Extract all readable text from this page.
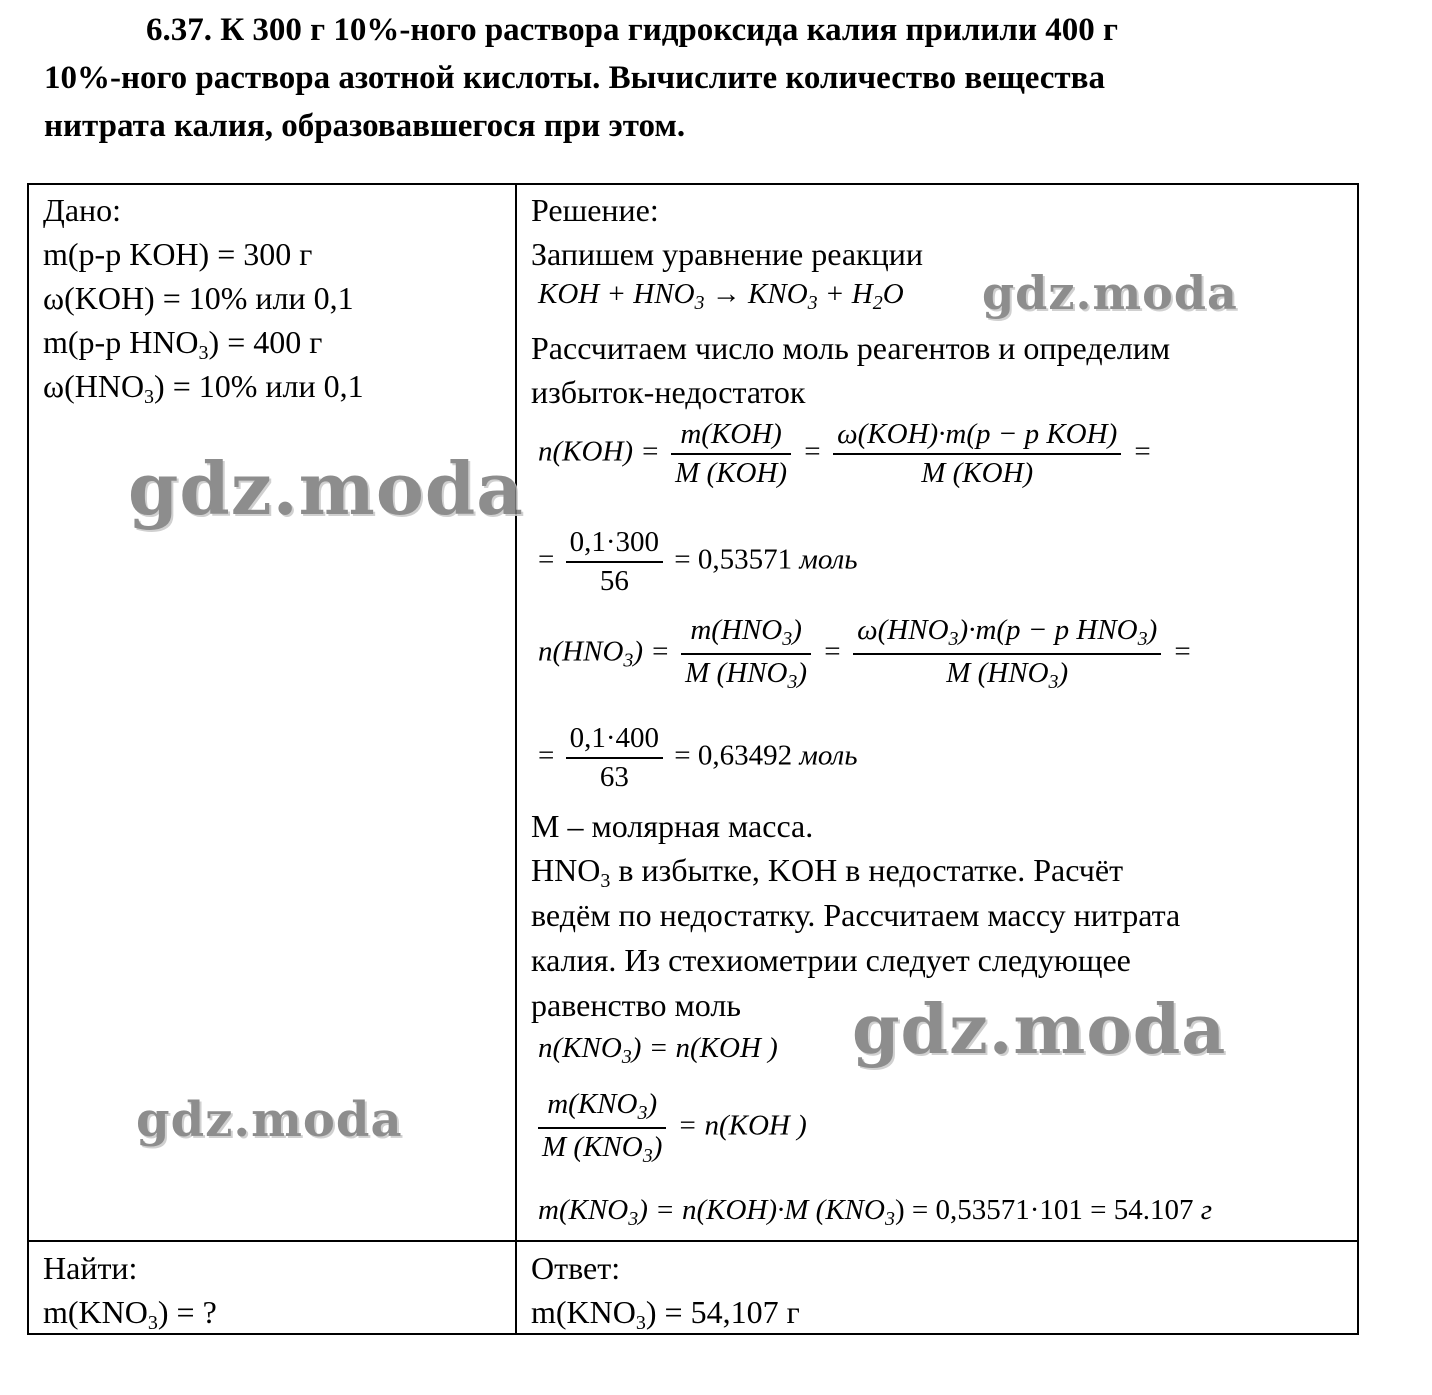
6.37. К 300 г 10%-ного раствора гидроксида калия прилили 400 г
10%-ного раствора азотной кислоты. Вычислите количество вещества
нитрата калия, образовавшегося при этом.
Дано:
m(р-р KOH) = 300 г
ω(KOH) = 10% или 0,1
m(р-р $HNO_3) = 400$ г
$\omega(HNO_3) = 10\%$ или 0,1
Найти:
$m(KNO_3)$ = ?
Решение:
Запишем уравнение реакции
KOH + $HNO_3 \to KNO_3 + H_2O$
Рассчитаем число моль реагентов и определим
избыток-недостаток
$n(KOH) = \frac{\text{m(KOH)}}{\text{M (KOH)}} = \frac{\text{ω(KOH)·m(p − p KOH)}}{\text{M (KOH)}}$ =
= $\frac{0,1\cdot 300}{56} = 0,53571$ моль
$n(HNO_3) = \frac{m(HNO_3)}{M (HNO_3)} = \frac{\omega(HNO_3)\cdot m(p - p HNO_3)}{M (HNO_3)}$ =
= $\frac{0,1\cdot 400}{63} = 0,63492$ моль
M – молярная масса.
$HNO_3$ в избытке, KOH в недостатке. Расчёт
ведём по недостатку. Рассчитаем массу нитрата
калия. Из стехиометрии следует следующее
равенство моль
$n(KNO_3) = n(KOH$ )
$\frac{m(KNO_3)}{M (KNO_3)} = n(KOH$ )
$m(KNO_3) = n(KOH)\cdot M$ $(KNO_3) = 0,53571\cdot 101 = 54.107$ г
Ответ:
$m(KNO_3) = 54,107$ г
gdz.moda
gdz.moda
gdz.moda
gdz.moda
